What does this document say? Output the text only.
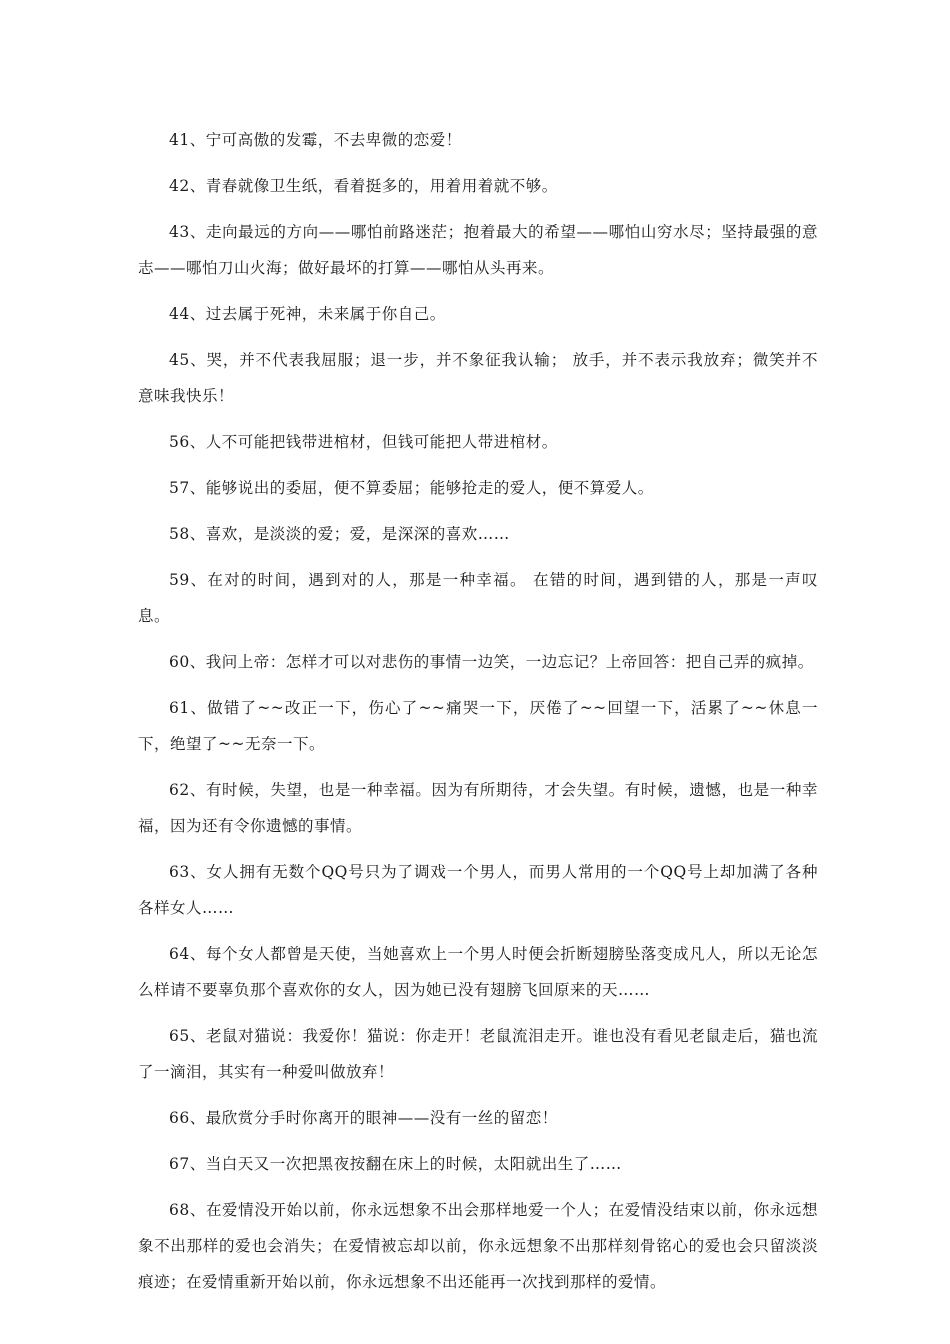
41、宁可高傲的发霉，不去卑微的恋爱！

42、青春就像卫生纸，看着挺多的，用着用着就不够。

43、走向最远的方向——哪怕前路迷茫；抱着最大的希望——哪怕山穷水尽；坚持最强的意志——哪怕刀山火海；做好最坏的打算——哪怕从头再来。

44、过去属于死神，未来属于你自己。

45、哭，并不代表我屈服；退一步，并不象征我认输； 放手，并不表示我放弃；微笑并不意味我快乐！

56、人不可能把钱带进棺材，但钱可能把人带进棺材。

57、能够说出的委屈，便不算委屈；能够抢走的爱人，便不算爱人。

58、喜欢，是淡淡的爱；爱，是深深的喜欢……

59、在对的时间，遇到对的人，那是一种幸福。 在错的时间，遇到错的人，那是一声叹息。

60、我问上帝：怎样才可以对悲伤的事情一边笑，一边忘记？上帝回答：把自己弄的疯掉。

61、做错了~~改正一下，伤心了~~痛哭一下，厌倦了~~回望一下，活累了~~休息一下，绝望了~~无奈一下。

62、有时候，失望，也是一种幸福。因为有所期待，才会失望。有时候，遗憾，也是一种幸福，因为还有令你遗憾的事情。

63、女人拥有无数个QQ号只为了调戏一个男人，而男人常用的一个QQ号上却加满了各种各样女人……

64、每个女人都曾是天使，当她喜欢上一个男人时便会折断翅膀坠落变成凡人，所以无论怎么样请不要辜负那个喜欢你的女人，因为她已没有翅膀飞回原来的天……

65、老鼠对猫说：我爱你！猫说：你走开！老鼠流泪走开。谁也没有看见老鼠走后，猫也流了一滴泪，其实有一种爱叫做放弃！

66、最欣赏分手时你离开的眼神——没有一丝的留恋！

67、当白天又一次把黑夜按翻在床上的时候，太阳就出生了……

68、在爱情没开始以前，你永远想象不出会那样地爱一个人；在爱情没结束以前，你永远想象不出那样的爱也会消失；在爱情被忘却以前，你永远想象不出那样刻骨铭心的爱也会只留淡淡痕迹；在爱情重新开始以前，你永远想象不出还能再一次找到那样的爱情。
